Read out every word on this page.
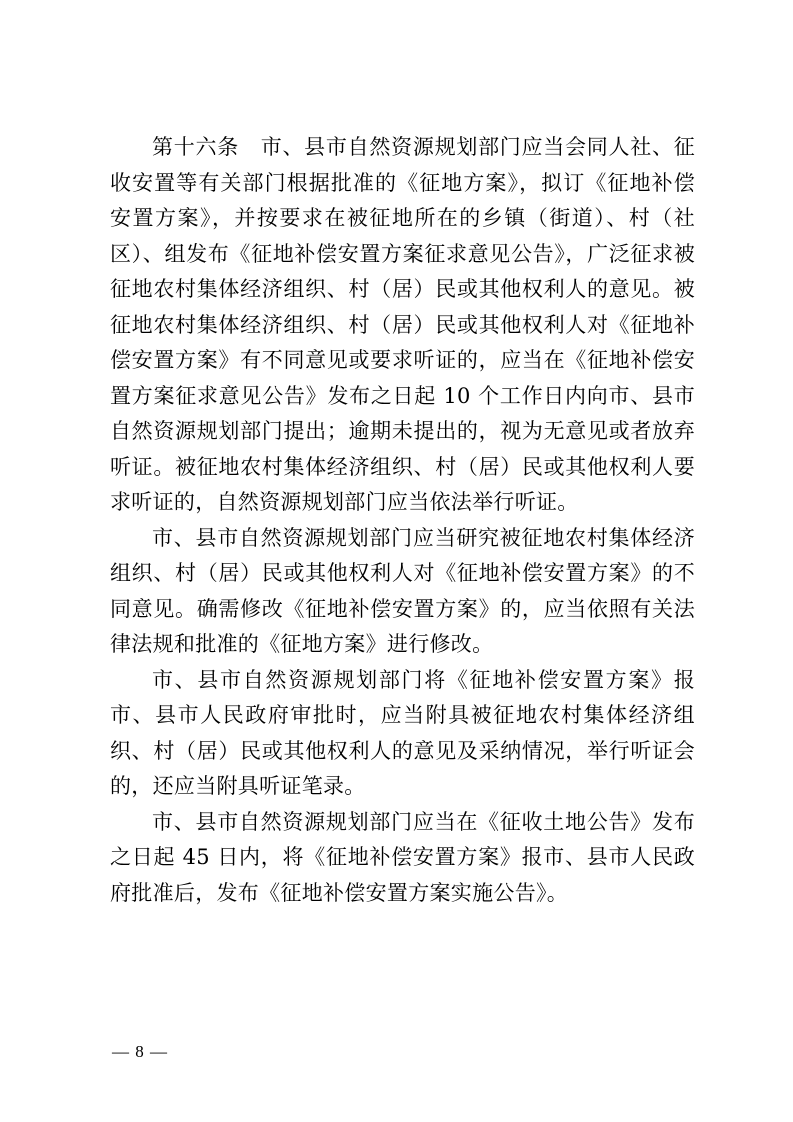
第十六条  市、县市自然资源规划部门应当会同人社、征收安置等有关部门根据批准的《征地方案》，拟订《征地补偿安置方案》，并按要求在被征地所在的乡镇（街道）、村（社区）、组发布《征地补偿安置方案征求意见公告》，广泛征求被征地农村集体经济组织、村（居）民或其他权利人的意见。被征地农村集体经济组织、村（居）民或其他权利人对《征地补偿安置方案》有不同意见或要求听证的，应当在《征地补偿安置方案征求意见公告》发布之日起 10 个工作日内向市、县市自然资源规划部门提出；逾期未提出的，视为无意见或者放弃听证。被征地农村集体经济组织、村（居）民或其他权利人要求听证的，自然资源规划部门应当依法举行听证。

市、县市自然资源规划部门应当研究被征地农村集体经济组织、村（居）民或其他权利人对《征地补偿安置方案》的不同意见。确需修改《征地补偿安置方案》的，应当依照有关法律法规和批准的《征地方案》进行修改。

市、县市自然资源规划部门将《征地补偿安置方案》报市、县市人民政府审批时，应当附具被征地农村集体经济组织、村（居）民或其他权利人的意见及采纳情况，举行听证会的，还应当附具听证笔录。

市、县市自然资源规划部门应当在《征收土地公告》发布之日起 45 日内，将《征地补偿安置方案》报市、县市人民政府批准后，发布《征地补偿安置方案实施公告》。

— 8 —
